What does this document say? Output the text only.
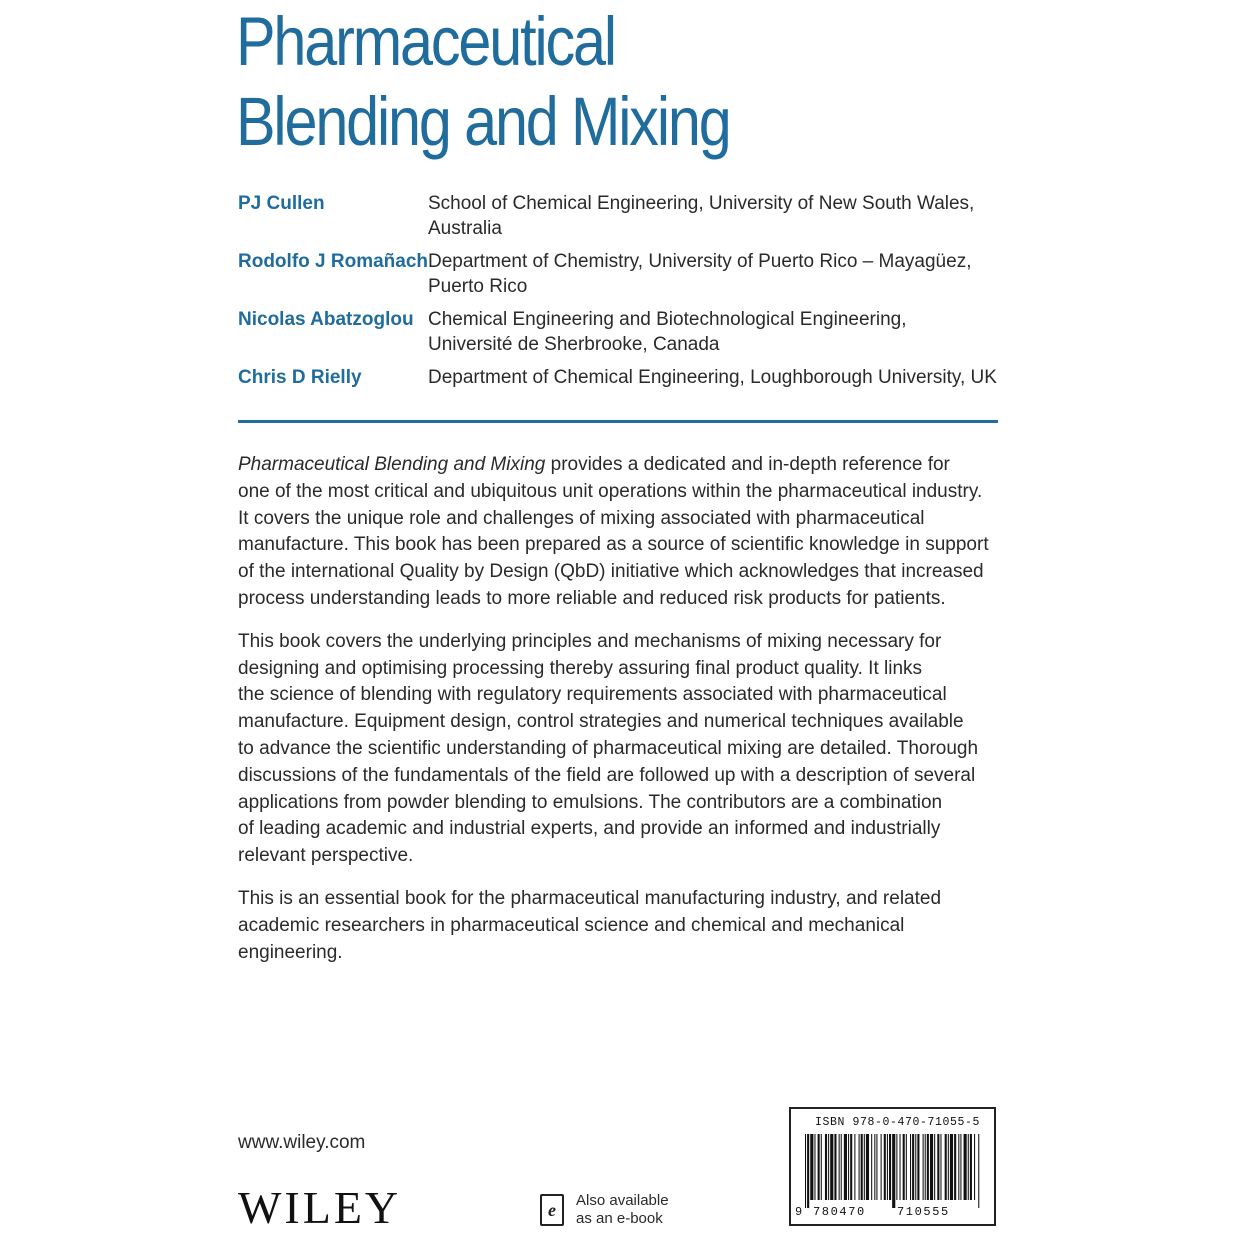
Pharmaceutical
Blending and Mixing
PJ Cullen	School of Chemical Engineering, University of New South Wales,
Australia
Rodolfo J Romañach Department of Chemistry, University of Puerto Rico – Mayagüez,
Puerto Rico
Nicolas Abatzoglou Chemical Engineering and Biotechnological Engineering,
Université de Sherbrooke, Canada
Chris D Rielly	Department of Chemical Engineering, Loughborough University, UK

Pharmaceutical Blending and Mixing provides a dedicated and in-depth reference for
one of the most critical and ubiquitous unit operations within the pharmaceutical industry.
It covers the unique role and challenges of mixing associated with pharmaceutical
manufacture. This book has been prepared as a source of scientific knowledge in support
of the international Quality by Design (QbD) initiative which acknowledges that increased
process understanding leads to more reliable and reduced risk products for patients.

This book covers the underlying principles and mechanisms of mixing necessary for
designing and optimising processing thereby assuring final product quality. It links
the science of blending with regulatory requirements associated with pharmaceutical
manufacture. Equipment design, control strategies and numerical techniques available
to advance the scientific understanding of pharmaceutical mixing are detailed. Thorough
discussions of the fundamentals of the field are followed up with a description of several
applications from powder blending to emulsions. The contributors are a combination
of leading academic and industrial experts, and provide an informed and industrially
relevant perspective.

This is an essential book for the pharmaceutical manufacturing industry, and related
academic researchers in pharmaceutical science and chemical and mechanical
engineering.

www.wiley.com
WILEY	e	Also available
as an e-book
ISBN 978-0-470-71055-5
9 780470	710555
